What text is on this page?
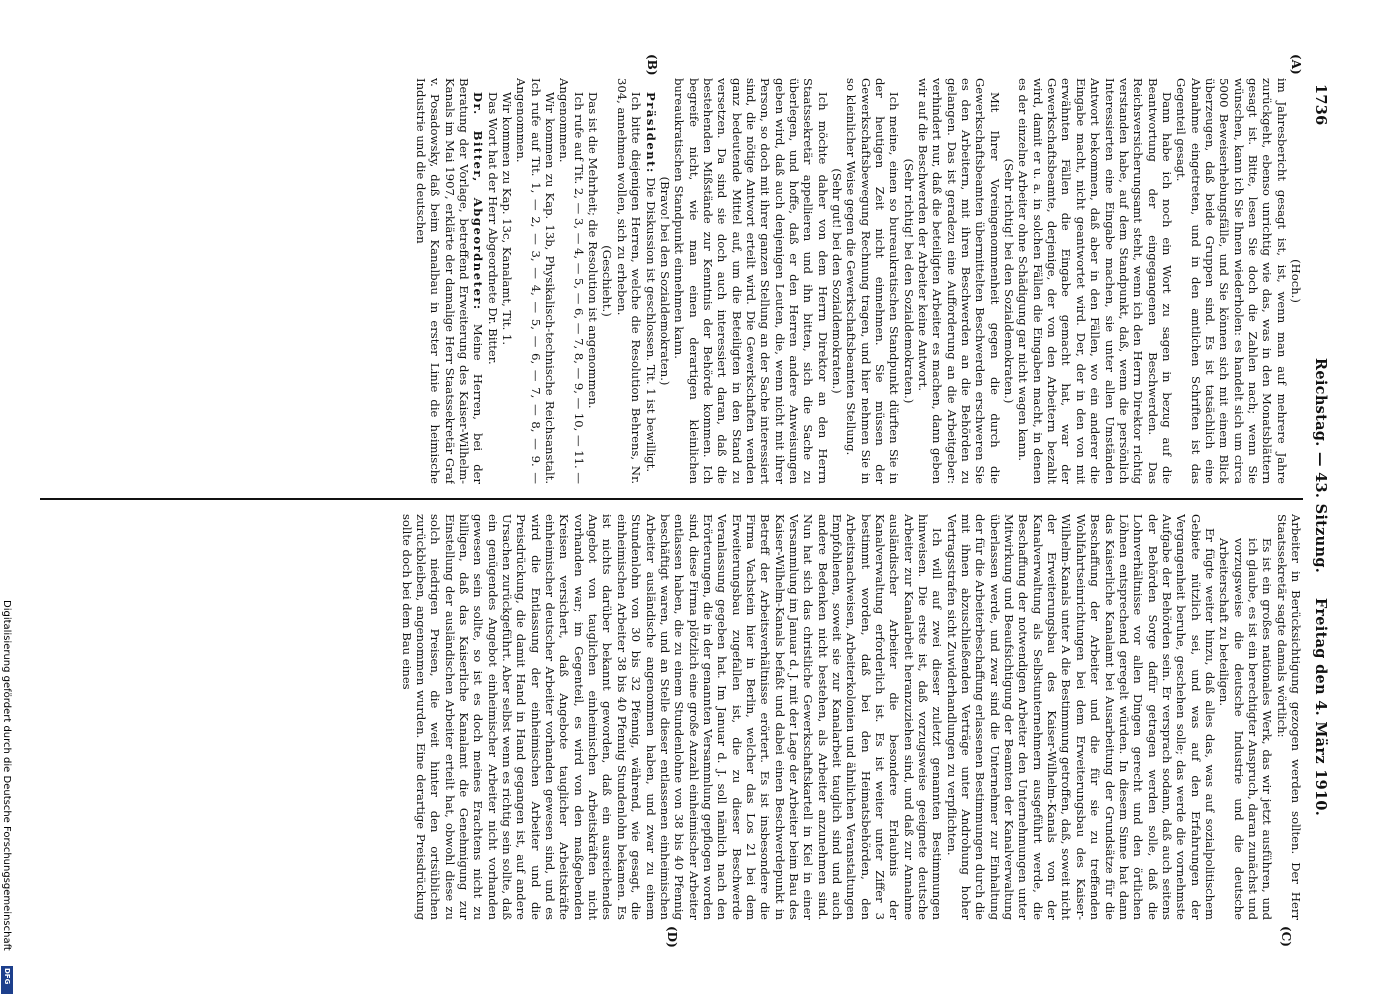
Digitalisierung gefördert durch die Deutsche Forschungsgemeinschaft
DFG
1736
Reichstag. — 43. Sitzung.
Freitag den 4. März 1910.
(A)
(B)
(C)
(D)

(Hoch.)

im Jahresbericht gesagt ist, ist, wenn man auf mehrere Jahre zurückgeht, ebenso unrichtig wie das, was in den Monatsblättern gesagt ist. Bitte, lesen Sie doch die Zahlen nach; wenn Sie wünschen, kann ich Sie Ihnen wiederholen: es handelt sich um circa 5000 Beweiserhebungsfälle, und Sie können sich mit einem Blick überzeugen, daß beide Gruppen sind. Es ist tatsächlich eine Abnahme eingetreten, und in den amtlichen Schriften ist das Gegenteil gesagt.

Dann habe ich noch ein Wort zu sagen in bezug auf die Beantwortung der eingegangenen Beschwerden. Das Reichsversicherungsamt steht, wenn ich den Herrn Direktor richtig verstanden habe, auf dem Standpunkt, daß, wenn die persönlich Interessierten eine Eingabe machen, sie unter allen Umständen Antwort bekommen, daß aber in den Fällen, wo ein anderer die Eingabe macht, nicht geantwortet wird. Der, der in den von mit erwähnten Fällen die Eingabe gemacht hat, war der Gewerkschaftsbeamte, derjenige, der von den Arbeitern bezahlt wird, damit er u. a. in solchen Fällen die Eingaben macht, in denen es der einzelne Arbeiter ohne Schädigung gar nicht wagen kann.

(Sehr richtig! bei den Sozialdemokraten.)

Mit Ihrer Voreingenommenheit gegen die durch die Gewerkschaftsbeamten übermittelten Beschwerden erschweren Sie es den Arbeitern, mit ihren Beschwerden an die Behörden zu gelangen. Das ist geradezu eine Aufforderung an die Arbeitgeber: verhindert nur, daß die beteiligten Arbeiter es machen, dann geben wir auf die Beschwerden der Arbeiter keine Antwort.

(Sehr richtig! bei den Sozialdemokraten.)

Ich meine, einen so bureaukratischen Standpunkt dürften Sie in der heutigen Zeit nicht einnehmen. Sie müssen der Gewerkschaftsbewegung Rechnung tragen, und hier nehmen Sie in so kleinlicher Weise gegen die Gewerkschaftsbeamten Stellung.

(Sehr gut! bei den Sozialdemokraten.)

Ich möchte daher von dem Herrn Direktor an den Herrn Staatssekretär appellieren und ihn bitten, sich die Sache zu überlegen, und hoffe, daß er den Herren andere Anweisungen geben wird, daß auch denjenigen Leuten, die, wenn nicht mit ihrer Person, so doch mit ihrer ganzen Stellung an der Sache interessiert sind, die nötige Antwort erteilt wird. Die Gewerkschaften wenden ganz bedeutende Mittel auf, um die Beteiligten in den Stand zu versetzen. Da sind sie doch auch interessiert daran, daß die bestehenden Mißstände zur Kenntnis der Behörde kommen. Ich begreife nicht, wie man einen derartigen kleinlichen bureaukratischen Standpunkt einnehmen kann.

(Bravo! bei den Sozialdemokraten.)

Präsident: Die Diskussion ist geschlossen. Tit. 1 ist bewilligt.

Ich bitte diejenigen Herren, welche die Resolution Behrens, Nr. 304, annehmen wollen, sich zu erheben.

(Geschieht.)

Das ist die Mehrheit; die Resolution ist angenommen.

Ich rufe auf Tit. 2, — 3, — 4, — 5, — 6, — 7, 8, — 9, — 10, — 11. — Angenommen.

Wir kommen zu Kap. 13b, Physikalisch-technische Reichsanstalt. Ich rufe auf Tit. 1, — 2, — 3, — 4, — 5, — 6, — 7, — 8, — 9. — Angenommen.

Wir kommen zu Kap. 13c, Kanalamt, Tit. 1.

Das Wort hat der Herr Abgeordnete Dr. Bitter.

Dr. Bitter, Abgeordneter: Meine Herren, bei der Beratung der Vorlage, betreffend Erweiterung des Kaiser-Wilhelm-Kanals im Mai 1907, erklärte der damalige Herr Staatssekretär Graf v. Posadowsky, daß beim Kanalbau in erster Linie die heimische Industrie und die deutschen

Arbeiter in Berücksichtigung gezogen werden sollten. Der Herr Staatssekretär sagte damals wörtlich:

Es ist ein großes nationales Werk, das wir jetzt ausführen, und ich glaube, es ist ein berechtigter Anspruch, daran zunächst und vorzugsweise die deutsche Industrie und die deutsche Arbeiterschaft zu beteiligen.

Er fügte weiter hinzu, daß alles das, was auf sozialpolitischem Gebiete nützlich sei, und was auf den Erfahrungen der Vergangenheit beruhe, geschehen solle; das werde die vornehmste Aufgabe der Behörden sein. Er versprach sodann, daß auch seitens der Behörden Sorge dafür getragen werden solle, daß die Lohnverhältnisse vor allen Dingen gerecht und den örtlichen Löhnen entsprechend geregelt würden. In diesem Sinne hat dann das Kaiserliche Kanalamt bei Ausarbeitung der Grundsätze für die Beschaffung der Arbeiter und die für sie zu treffenden Wohlfahrtseinrichtungen bei dem Erweiterungsbau des Kaiser-Wilhelm-Kanals unter A die Bestimmung getroffen, daß, soweit nicht der Erweiterungsbau des Kaiser-Wilhelm-Kanals von der Kanalverwaltung als Selbstunternehmern ausgeführt werde, die Beschaffung der notwendigen Arbeiter den Unternehmungen unter Mitwirkung und Beaufsichtigung der Beamten der Kanalverwaltung überlassen werde, und zwar sind die Unternehmer zur Einhaltung der für die Arbeiterbeschaffung erlassenen Bestimmungen durch die mit ihnen abzuschließenden Verträge unter Androhung hoher Vertragsstrafen sicht Zuwiderhandlungen zu verpflichten.

Ich will auf zwei dieser zuletzt genannten Bestimmungen hinweisen. Die erste ist, daß vorzugsweise geeignete deutsche Arbeiter zur Kanalarbeit heranzuziehen sind, und daß zur Annahme ausländischer Arbeiter die besondere Erlaubnis der Kanalverwaltung erforderlich ist. Es ist weiter unter Ziffer 3 bestimmt worden, daß bei den Heimatsbehörden, den Arbeitsnachweisen, Arbeiterkolonien und ähnlichen Veranstaltungen Empfohlenen, soweit sie zur Kanalarbeit tauglich sind und auch andere Bedenken nicht bestehen, als Arbeiter anzunehmen sind. Nun hat sich das christliche Gewerkschaftskartell in Kiel in einer Versammlung im Januar d. J. mit der Lage der Arbeiter beim Bau des Kaiser-Wilhelm-Kanals befaßt und dabei einen Beschwerdepunkt in Betreff der Arbeitsverhältnisse erörtert. Es ist insbesondere die Firma Vachstein hier in Berlin, welcher das Los 21 bei dem Erweiterungsbau zugefallen ist, die zu dieser Beschwerde Veranlassung gegeben hat. Im Januar d. J. soll nämlich nach den Erörterungen, die in der genannten Versammlung gepflogen worden sind, diese Firma plötzlich eine große Anzahl einheimischer Arbeiter entlassen haben, die zu einem Stundenlohne von 38 bis 40 Pfennig beschäftigt waren, und an Stelle dieser entlassenen einheimischen Arbeiter ausländische angenommen haben, und zwar zu einem Stundenlohn von 30 bis 32 Pfennig, während, wie gesagt, die einheimischen Arbeiter 38 bis 40 Pfennig Stundenlohn bekamen. Es ist nichts darüber bekannt geworden, daß ein ausreichendes Angebot von tauglichen einheimischen Arbeitskräften nicht vorhanden war; im Gegenteil, es wird von den maßgebenden Kreisen versichert, daß Angebote tauglicher Arbeitskräfte einheimischer deutscher Arbeiter vorhanden gewesen sind, und es wird die Entlassung der einheimischen Arbeiter und die Preisdrückung, die damit Hand in Hand gegangen ist, auf andere Ursachen zurückgeführt. Aber selbst wenn es richtig sein sollte, daß ein genügendes Angebot einheimischer Arbeiter nicht vorhanden gewesen sein sollte, so ist es doch meines Erachtens nicht zu billigen, daß das Kaiserliche Kanalamt die Genehmigung zur Einstellung der ausländischen Arbeiter erteilt hat, obwohl diese zu solch niedrigen Preisen, die weit hinter den ortsüblichen zurückbleiben, angenommen wurden. Eine derartige Preisdrückung sollte doch bei dem Bau eines
